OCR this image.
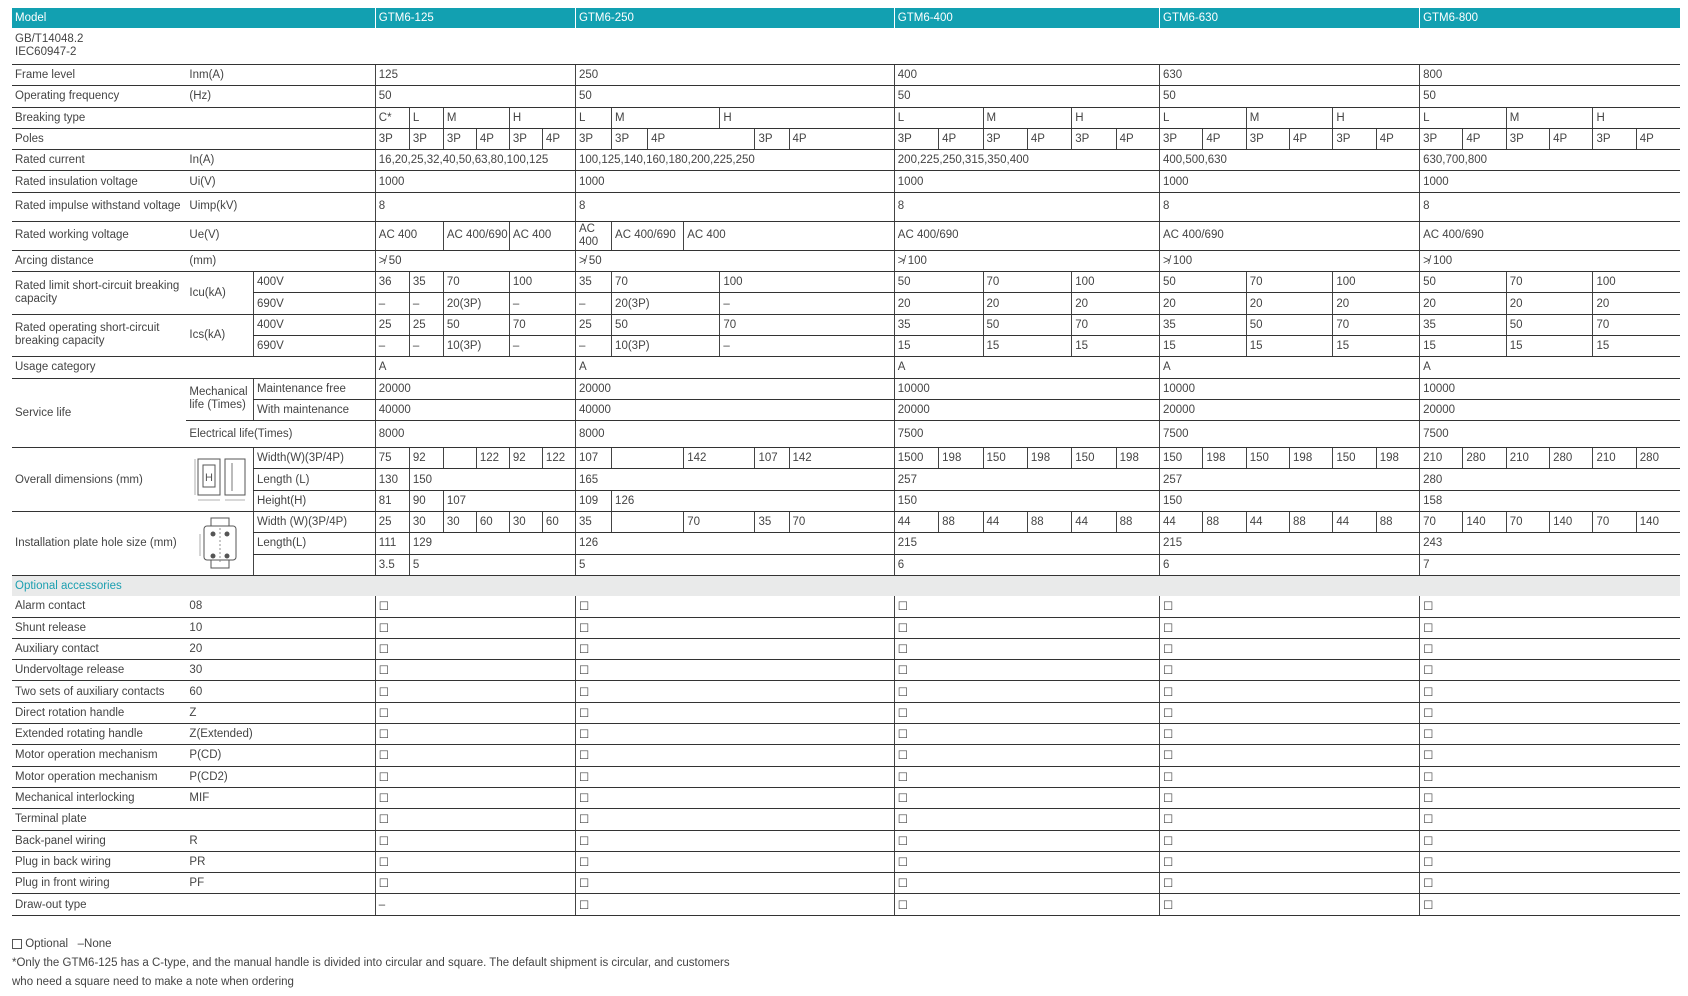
Model			GTM6-125						GTM6-250							GTM6-400						GTM6-630						GTM6-800					

GB/T14048.2
IEC60947-2																																	

Frame level	Inm(A)		125						250							400						630						800					
Operating frequency	(Hz)		50						50							50						50						50					
Breaking type			C*	L	M		H		L	M			H			L		M		H		L		M		H		L		M		H	
Poles			3P	3P	3P	4P	3P	4P	3P	3P	4P			3P	4P	3P	4P	3P	4P	3P	4P	3P	4P	3P	4P	3P	4P	3P	4P	3P	4P	3P	4P
Rated current	In(A)		16,20,25,32,40,50,63,80,100,125						100,125,140,160,180,200,225,250							200,225,250,315,350,400						400,500,630						630,700,800					
Rated insulation voltage	Ui(V)		1000						1000							1000						1000						1000					
Rated impulse withstand voltage	Uimp(kV)		8						8							8						8						8					
Rated working voltage	Ue(V)		AC 400		AC 400/690		AC 400		AC 400	AC 400/690		AC 400				AC 400/690						AC 400/690						AC 400/690					
Arcing distance	(mm)		≯ 50						≯ 50							≯ 100						≯ 100						≯ 100					
Rated limit short-circuit breaking capacity	Icu(kA)	400V	36	35	70		100		35	70			100			50		70		100		50		70		100		50		70		100	
		690V	–	–	20(3P)		–		–	20(3P)			–			20		20		20		20		20		20		20		20		20	
Rated operating short-circuit breaking capacity	Ics(kA)	400V	25	25	50		70		25	50			70			35		50		70		35		50		70		35		50		70	
		690V	–	–	10(3P)		–		–	10(3P)			–			15		15		15		15		15		15		15		15		15	
Usage category			A						A							A						A						A					
Service life	Mechanical life (Times)	Maintenance free	20000						20000							10000						10000						10000					
		With maintenance	40000						40000							20000						20000						20000					
	Electrical life(Times)		8000						8000							7500						7500						7500					
Overall dimensions (mm)	H	Width(W)(3P/4P)	75	92		122	92	122	107			142		107	142	1500	198	150	198	150	198	150	198	150	198	150	198	210	280	210	280	210	280
		Length (L)	130	150					165							257						257						280					
		Height(H)	81	90	107				109	126						150						150						158					
Installation plate hole size (mm)		Width (W)(3P/4P)	25	30	30	60	30	60	35			70		35	70	44	88	44	88	44	88	44	88	44	88	44	88	70	140	70	140	70	140
		Length(L)	111	129					126							215						215						243					
			3.5	5					5							6						6						7					
Optional accessories																																	
Alarm contact	08		☐						☐							☐						☐						☐					
Shunt release	10		☐						☐							☐						☐						☐					
Auxiliary contact	20		☐						☐							☐						☐						☐					
Undervoltage release	30		☐						☐							☐						☐						☐					
Two sets of auxiliary contacts	60		☐						☐							☐						☐						☐					
Direct rotation handle	Z		☐						☐							☐						☐						☐					
Extended rotating handle	Z(Extended)		☐						☐							☐						☐						☐					
Motor operation mechanism	P(CD)		☐						☐							☐						☐						☐					
Motor operation mechanism	P(CD2)		☐						☐							☐						☐						☐					
Mechanical interlocking	MIF		☐						☐							☐						☐						☐					
Terminal plate			☐						☐							☐						☐						☐					
Back-panel wiring	R		☐						☐							☐						☐						☐					
Plug in back wiring	PR		☐						☐							☐						☐						☐					
Plug in front wiring	PF		☐						☐							☐						☐						☐					
Draw-out type			–						☐							☐						☐						☐					
Optional –None
*Only the GTM6-125 has a C-type, and the manual handle is divided into circular and square. The default shipment is circular, and customers
who need a square need to make a note when ordering
